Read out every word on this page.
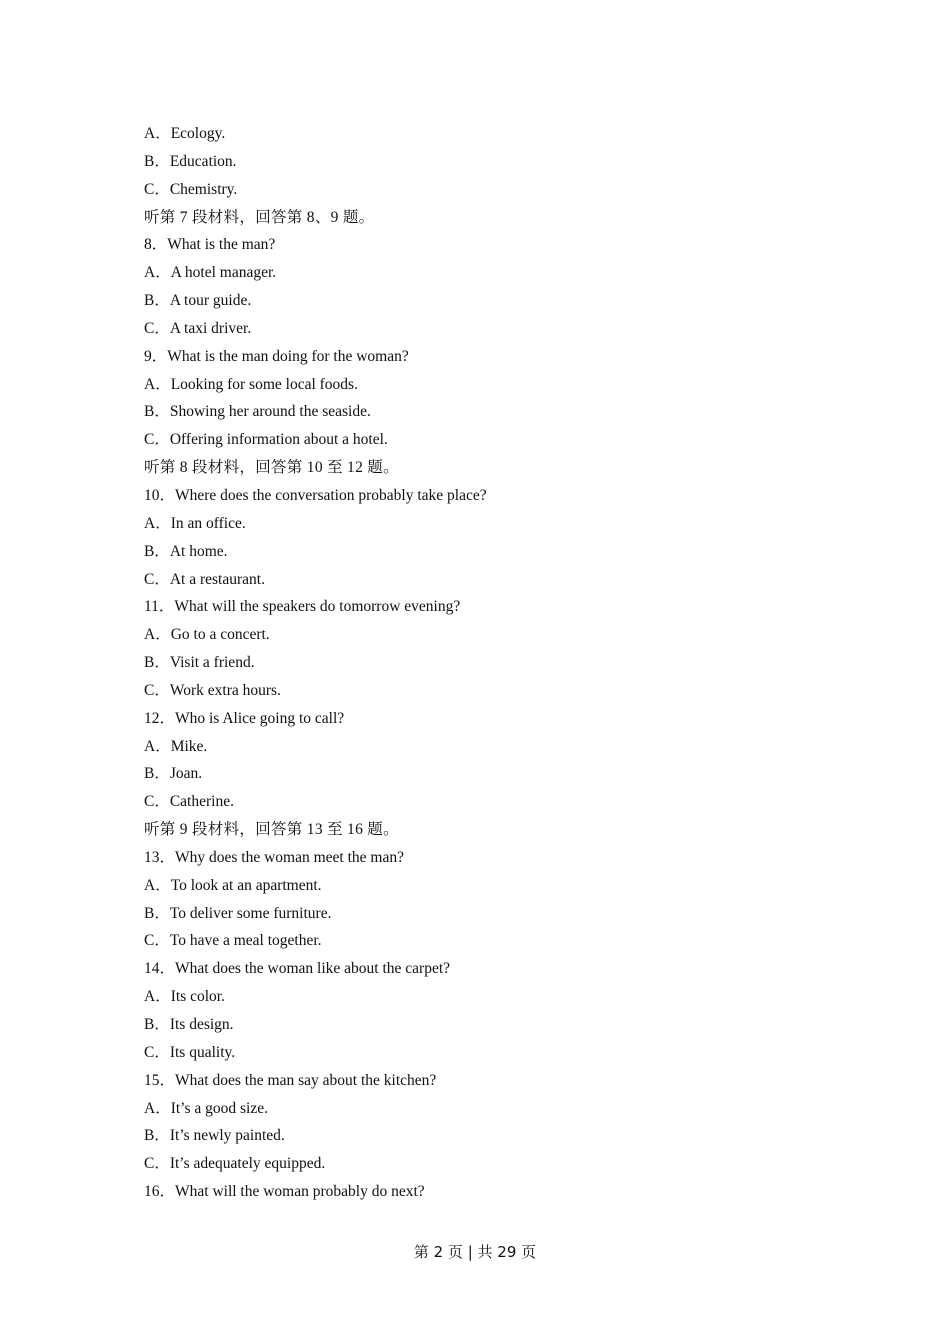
A．Ecology.
B．Education.
C．Chemistry.
听第 7 段材料，回答第 8、9 题。
8．What is the man?
A．A hotel manager.
B．A tour guide.
C．A taxi driver.
9．What is the man doing for the woman?
A．Looking for some local foods.
B．Showing her around the seaside.
C．Offering information about a hotel.
听第 8 段材料，回答第 10 至 12 题。
10．Where does the conversation probably take place?
A．In an office.
B．At home.
C．At a restaurant.
11．What will the speakers do tomorrow evening?
A．Go to a concert.
B．Visit a friend.
C．Work extra hours.
12．Who is Alice going to call?
A．Mike.
B．Joan.
C．Catherine.
听第 9 段材料，回答第 13 至 16 题。
13．Why does the woman meet the man?
A．To look at an apartment.
B．To deliver some furniture.
C．To have a meal together.
14．What does the woman like about the carpet?
A．Its color.
B．Its design.
C．Its quality.
15．What does the man say about the kitchen?
A．It’s a good size.
B．It’s newly painted.
C．It’s adequately equipped.
16．What will the woman probably do next?
第 2 页 | 共 29 页
